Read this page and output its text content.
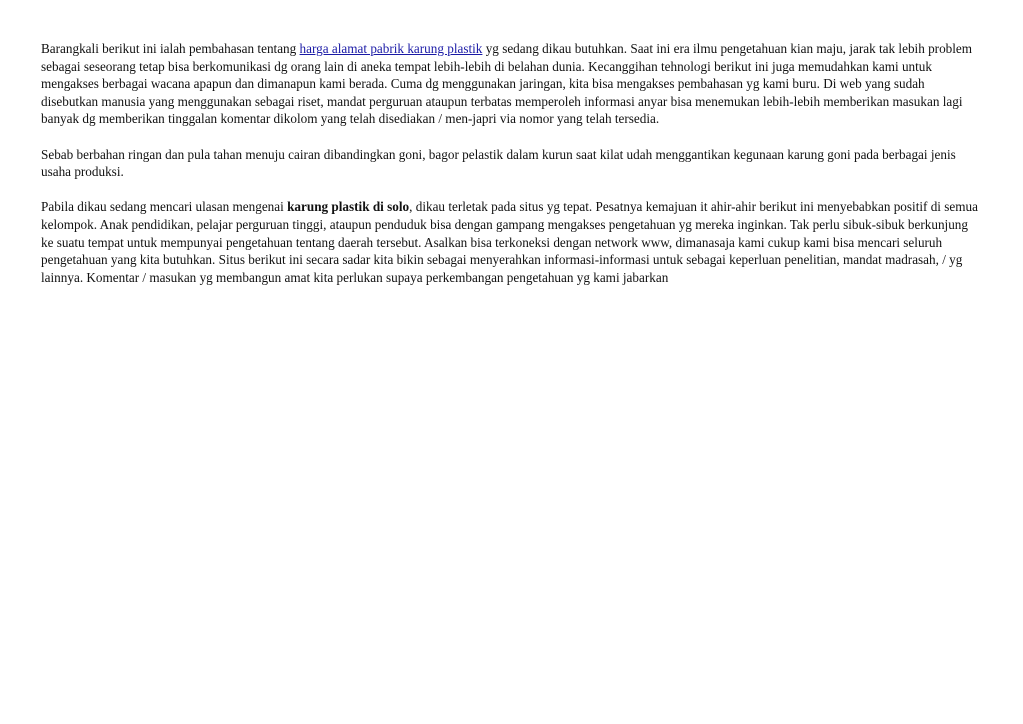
Barangkali berikut ini ialah pembahasan tentang harga alamat pabrik karung plastik yg sedang dikau butuhkan. Saat ini era ilmu pengetahuan kian maju, jarak tak lebih problem sebagai seseorang tetap bisa berkomunikasi dg orang lain di aneka tempat lebih-lebih di belahan dunia. Kecanggihan tehnologi berikut ini juga memudahkan kami untuk mengakses berbagai wacana apapun dan dimanapun kami berada. Cuma dg menggunakan jaringan, kita bisa mengakses pembahasan yg kami buru. Di web yang sudah disebutkan manusia yang menggunakan sebagai riset, mandat perguruan ataupun terbatas memperoleh informasi anyar bisa menemukan lebih-lebih memberikan masukan lagi banyak dg memberikan tinggalan komentar dikolom yang telah disediakan / men-japri via nomor yang telah tersedia.

Sebab berbahan ringan dan pula tahan menuju cairan dibandingkan goni, bagor pelastik dalam kurun saat kilat udah menggantikan kegunaan karung goni pada berbagai jenis usaha produksi.

Pabila dikau sedang mencari ulasan mengenai karung plastik di solo, dikau terletak pada situs yg tepat. Pesatnya kemajuan it ahir-ahir berikut ini menyebabkan positif di semua kelompok. Anak pendidikan, pelajar perguruan tinggi, ataupun penduduk bisa dengan gampang mengakses pengetahuan yg mereka inginkan. Tak perlu sibuk-sibuk berkunjung ke suatu tempat untuk mempunyai pengetahuan tentang daerah tersebut. Asalkan bisa terkoneksi dengan network www, dimanasaja kami cukup kami bisa mencari seluruh pengetahuan yang kita butuhkan. Situs berikut ini secara sadar kita bikin sebagai menyerahkan informasi-informasi untuk sebagai keperluan penelitian, mandat madrasah, / yg lainnya. Komentar / masukan yg membangun amat kita perlukan supaya perkembangan pengetahuan yg kami jabarkan
